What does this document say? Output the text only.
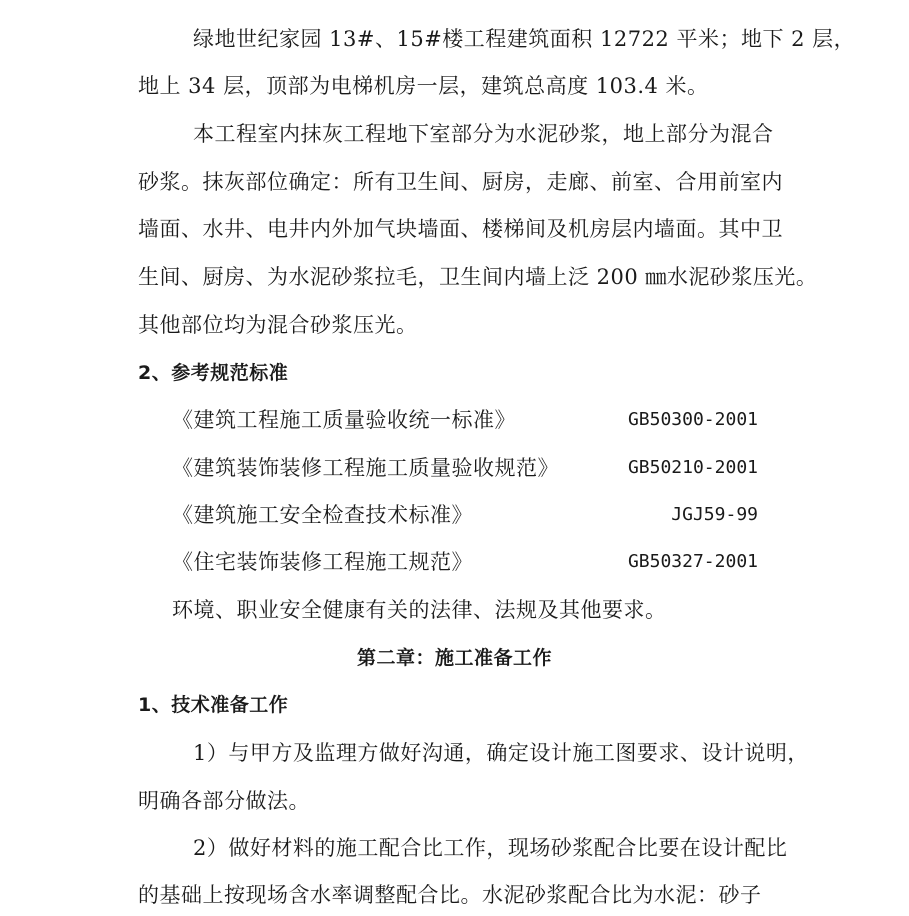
绿地世纪家园 13#、15#楼工程建筑面积 12722 平米；地下 2 层，
地上 34 层，顶部为电梯机房一层，建筑总高度 103.4 米。
本工程室内抹灰工程地下室部分为水泥砂浆，地上部分为混合
砂浆。抹灰部位确定：所有卫生间、厨房，走廊、前室、合用前室内
墙面、水井、电井内外加气块墙面、楼梯间及机房层内墙面。其中卫
生间、厨房、为水泥砂浆拉毛，卫生间内墙上泛 200 ㎜水泥砂浆压光。
其他部位均为混合砂浆压光。
2、参考规范标准
《建筑工程施工质量验收统一标准》	GB50300-2001
《建筑装饰装修工程施工质量验收规范》	GB50210-2001
《建筑施工安全检查技术标准》	JGJ59-99
《住宅装饰装修工程施工规范》	GB50327-2001
环境、职业安全健康有关的法律、法规及其他要求。
第二章：施工准备工作
1、技术准备工作
1）与甲方及监理方做好沟通，确定设计施工图要求、设计说明，
明确各部分做法。
2）做好材料的施工配合比工作，现场砂浆配合比要在设计配比
的基础上按现场含水率调整配合比。水泥砂浆配合比为水泥：砂子
